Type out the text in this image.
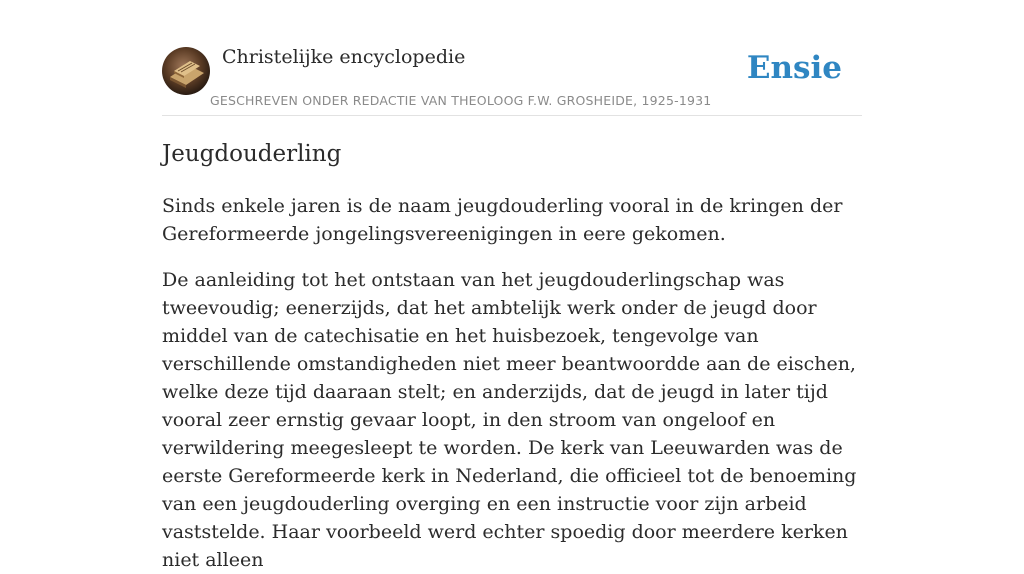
Christelijke encyclopedie
GESCHREVEN ONDER REDACTIE VAN THEOLOOG F.W. GROSHEIDE, 1925-1931
Ensie
Jeugdouderling

Sinds enkele jaren is de naam jeugdouderling vooral in de kringen der Gereformeerde jongelingsvereenigingen in eere gekomen.

De aanleiding tot het ontstaan van het jeugdouderlingschap was tweevoudig; eenerzijds, dat het ambtelijk werk onder de jeugd door middel van de catechisatie en het huisbezoek, tengevolge van verschillende omstandigheden niet meer beantwoordde aan de eischen, welke deze tijd daaraan stelt; en anderzijds, dat de jeugd in later tijd vooral zeer ernstig gevaar loopt, in den stroom van ongeloof en verwildering meegesleept te worden. De kerk van Leeuwarden was de eerste Gereformeerde kerk in Nederland, die officieel tot de benoeming van een jeugdouderling overging en een instructie voor zijn arbeid vaststelde. Haar voorbeeld werd echter spoedig door meerdere kerken niet alleen
